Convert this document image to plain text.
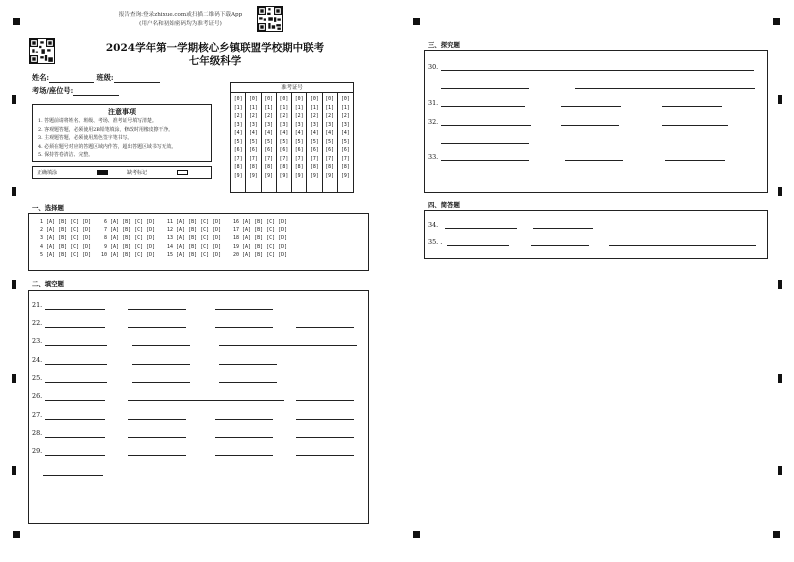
报告查询:登录zhixue.com或扫描二维码下载App
(用户名和初始密码均为准考证号)
2024学年第一学期核心乡镇联盟学校期中联考
七年级科学
姓名:	班级:
考场/座位号:
注意事项
1. 答题前请将姓名、班级、考场、准考证号填写清楚。
2. 客观题答题，必须使用2B铅笔填涂，修改时用橡皮擦干净。
3. 主观题答题，必须使用黑色签字笔书写。
4. 必须在题号对应的答题区域内作答，超出答题区域书写无效。
5. 保持答卷清洁、完整。
正确填涂	缺考标记
准考证号
[0]
[1]
[2]
[3]
[4]
[5]
[6]
[7]
[8]
[9]
[0]
[1]
[2]
[3]
[4]
[5]
[6]
[7]
[8]
[9]
[0]
[1]
[2]
[3]
[4]
[5]
[6]
[7]
[8]
[9]
[0]
[1]
[2]
[3]
[4]
[5]
[6]
[7]
[8]
[9]
[0]
[1]
[2]
[3]
[4]
[5]
[6]
[7]
[8]
[9]
[0]
[1]
[2]
[3]
[4]
[5]
[6]
[7]
[8]
[9]
[0]
[1]
[2]
[3]
[4]
[5]
[6]
[7]
[8]
[9]
[0]
[1]
[2]
[3]
[4]
[5]
[6]
[7]
[8]
[9]
一、选择题
1 [A] [B] [C] [D]
2 [A] [B] [C] [D]
3 [A] [B] [C] [D]
4 [A] [B] [C] [D]
5 [A] [B] [C] [D]
6 [A] [B] [C] [D]
7 [A] [B] [C] [D]
8 [A] [B] [C] [D]
9 [A] [B] [C] [D]
10 [A] [B] [C] [D]
11 [A] [B] [C] [D]
12 [A] [B] [C] [D]
13 [A] [B] [C] [D]
14 [A] [B] [C] [D]
15 [A] [B] [C] [D]
16 [A] [B] [C] [D]
17 [A] [B] [C] [D]
18 [A] [B] [C] [D]
19 [A] [B] [C] [D]
20 [A] [B] [C] [D]
二、填空题
21.
22.
23.
24.
25.
26.
27.
28.
29.
三、探究题
30.
31.
32.
33.
四、简答题
34.
35. .
